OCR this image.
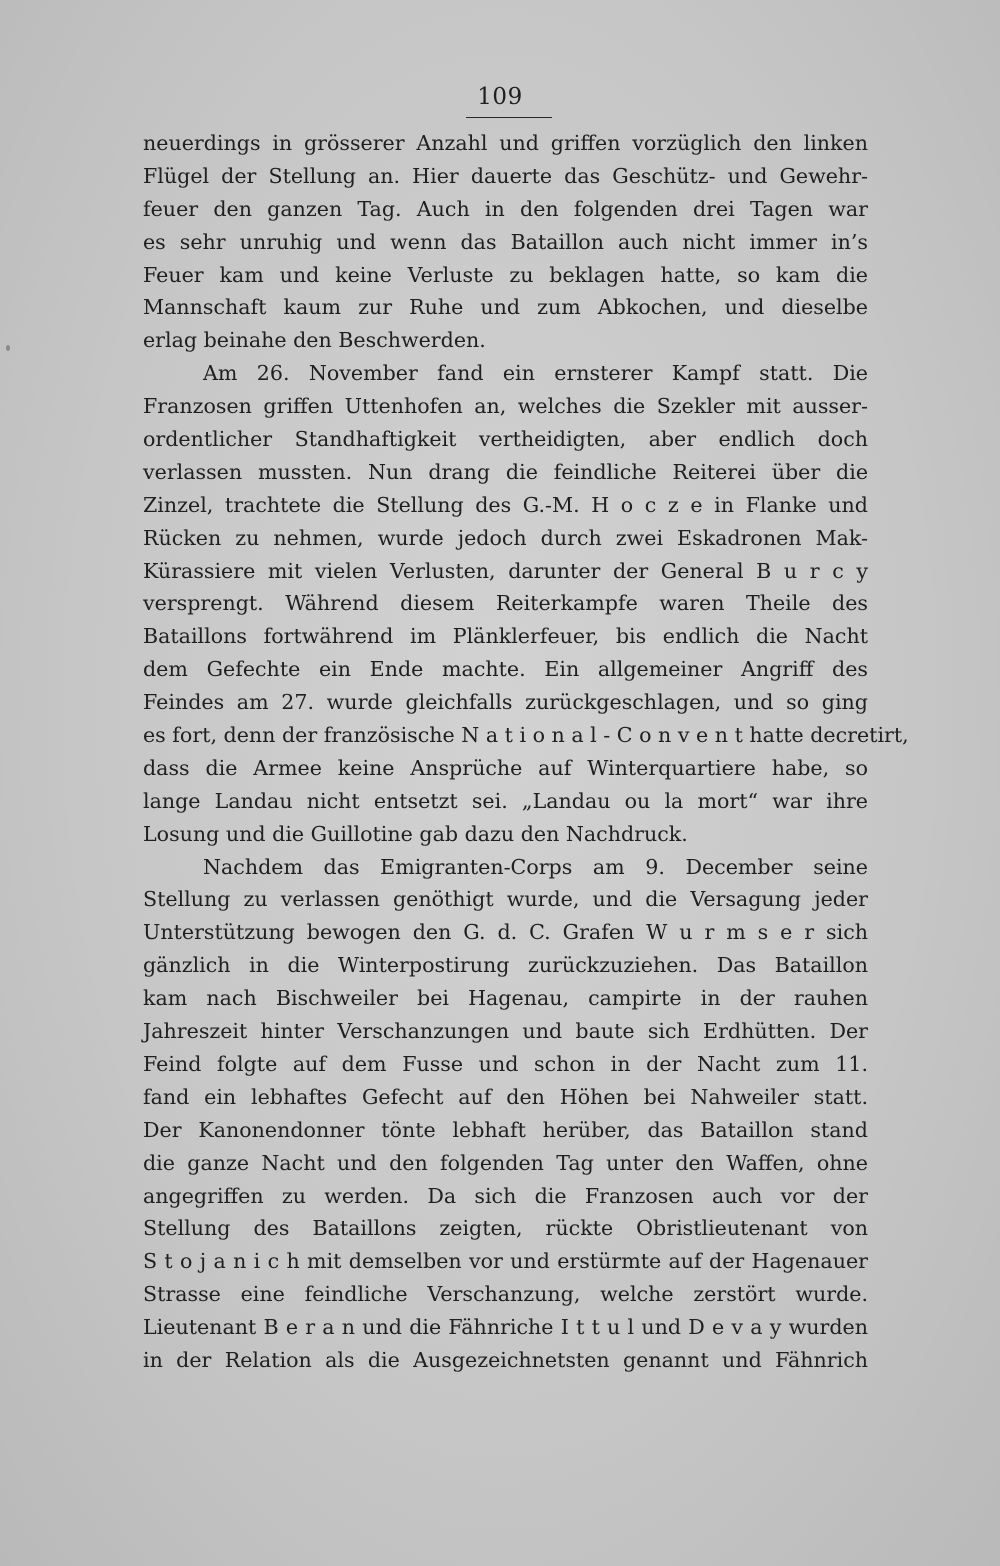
109
neuerdings in grösserer Anzahl und griffen vorzüglich den linken
Flügel der Stellung an. Hier dauerte das Geschütz- und Gewehr-
feuer den ganzen Tag. Auch in den folgenden drei Tagen war
es sehr unruhig und wenn das Bataillon auch nicht immer in’s
Feuer kam und keine Verluste zu beklagen hatte, so kam die
Mannschaft kaum zur Ruhe und zum Abkochen, und dieselbe
erlag beinahe den Beschwerden.
Am 26. November fand ein ernsterer Kampf statt. Die
Franzosen griffen Uttenhofen an, welches die Szekler mit ausser-
ordentlicher Standhaftigkeit vertheidigten, aber endlich doch
verlassen mussten. Nun drang die feindliche Reiterei über die
Zinzel, trachtete die Stellung des G.-M. H o c z e in Flanke und
Rücken zu nehmen, wurde jedoch durch zwei Eskadronen Mak-
Kürassiere mit vielen Verlusten, darunter der General B u r c y
versprengt. Während diesem Reiterkampfe waren Theile des
Bataillons fortwährend im Plänklerfeuer, bis endlich die Nacht
dem Gefechte ein Ende machte. Ein allgemeiner Angriff des
Feindes am 27. wurde gleichfalls zurückgeschlagen, und so ging
es fort, denn der französische N a t i o n a l - C o n v e n t hatte decretirt,
dass die Armee keine Ansprüche auf Winterquartiere habe, so
lange Landau nicht entsetzt sei. „Landau ou la mort“ war ihre
Losung und die Guillotine gab dazu den Nachdruck.
Nachdem das Emigranten-Corps am 9. December seine
Stellung zu verlassen genöthigt wurde, und die Versagung jeder
Unterstützung bewogen den G. d. C. Grafen W u r m s e r sich
gänzlich in die Winterpostirung zurückzuziehen. Das Bataillon
kam nach Bischweiler bei Hagenau, campirte in der rauhen
Jahreszeit hinter Verschanzungen und baute sich Erdhütten. Der
Feind folgte auf dem Fusse und schon in der Nacht zum 11.
fand ein lebhaftes Gefecht auf den Höhen bei Nahweiler statt.
Der Kanonendonner tönte lebhaft herüber, das Bataillon stand
die ganze Nacht und den folgenden Tag unter den Waffen, ohne
angegriffen zu werden. Da sich die Franzosen auch vor der
Stellung des Bataillons zeigten, rückte Obristlieutenant von
S t o j a n i c h mit demselben vor und erstürmte auf der Hagenauer
Strasse eine feindliche Verschanzung, welche zerstört wurde.
Lieutenant B e r a n und die Fähnriche I t t u l und D e v a y wurden
in der Relation als die Ausgezeichnetsten genannt und Fähnrich
